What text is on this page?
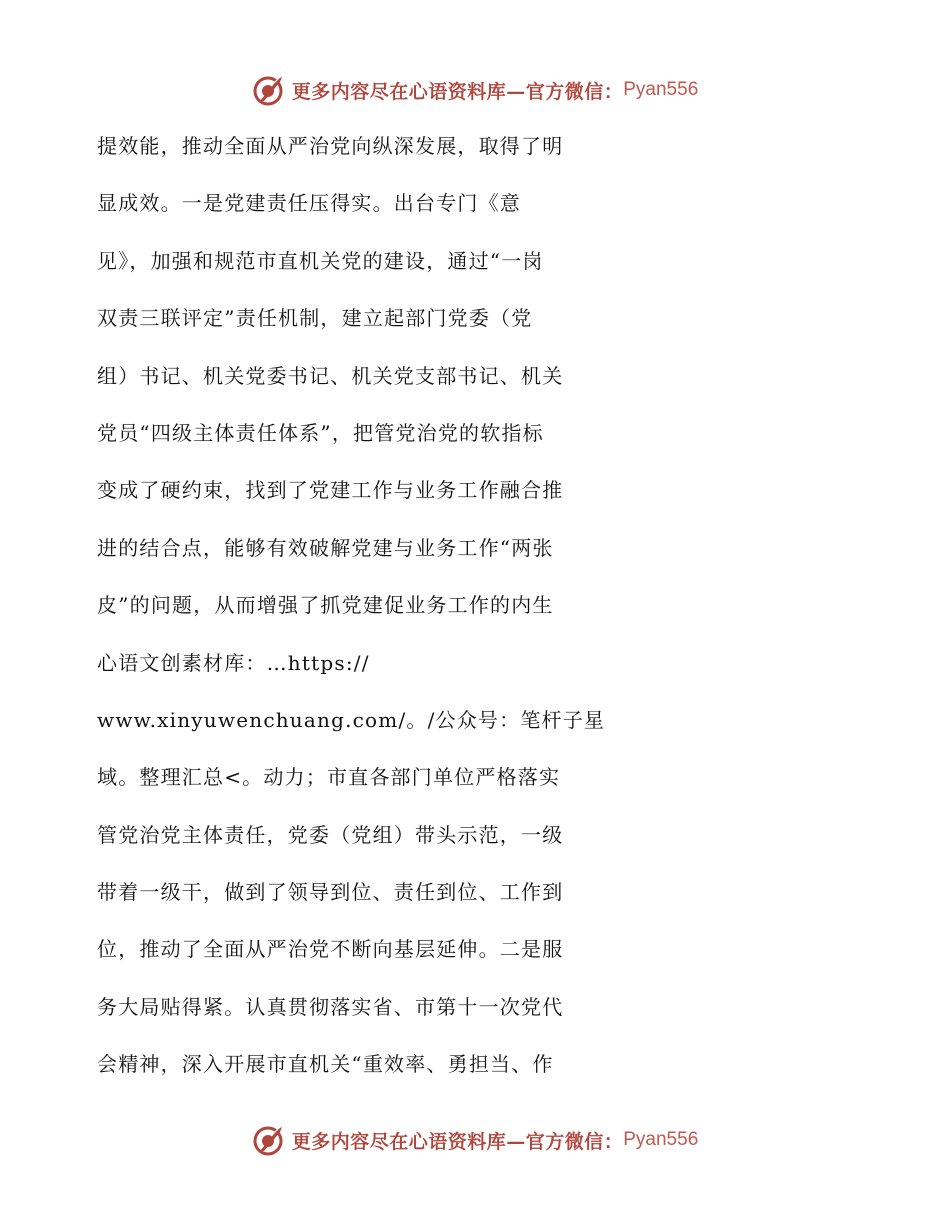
更多内容尽在心语资料库—官方微信： Pyan556
提效能，推动全面从严治党向纵深发展，取得了明
显成效。一是党建责任压得实。出台专门《意
见》，加强和规范市直机关党的建设，通过“一岗
双责三联评定”责任机制，建立起部门党委（党
组）书记、机关党委书记、机关党支部书记、机关
党员“四级主体责任体系”，把管党治党的软指标
变成了硬约束，找到了党建工作与业务工作融合推
进的结合点，能够有效破解党建与业务工作“两张
皮”的问题，从而增强了抓党建促业务工作的内生
心语文创素材库：…https://
www.xinyuwenchuang.com/。/公众号：笔杆子星
域。整理汇总<。动力；市直各部门单位严格落实
管党治党主体责任，党委（党组）带头示范，一级
带着一级干，做到了领导到位、责任到位、工作到
位，推动了全面从严治党不断向基层延伸。二是服
务大局贴得紧。认真贯彻落实省、市第十一次党代
会精神，深入开展市直机关“重效率、勇担当、作
更多内容尽在心语资料库—官方微信： Pyan556
